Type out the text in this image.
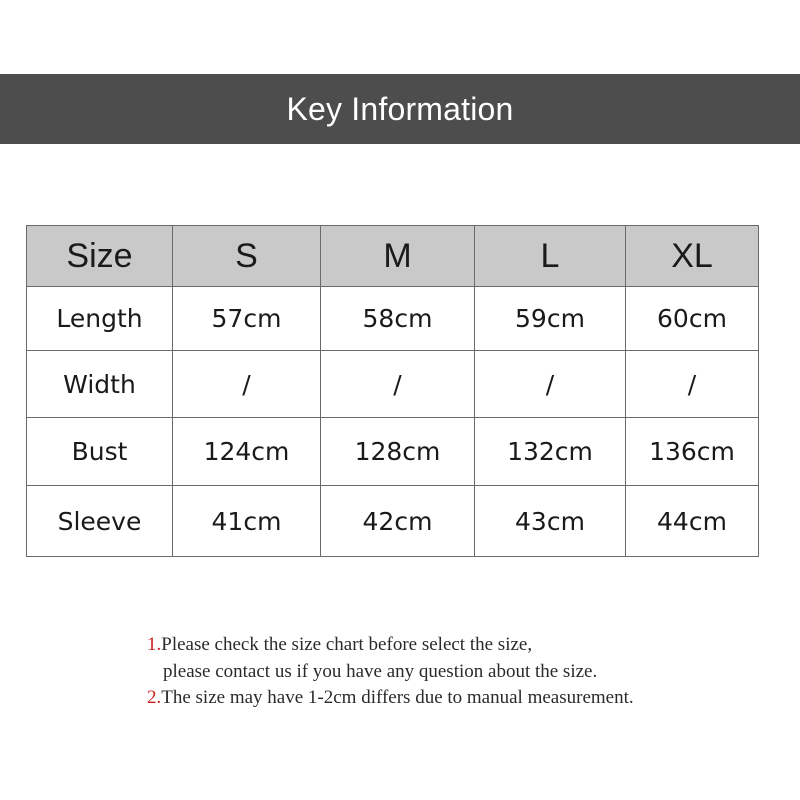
Key Information
Size	S	M	L	XL
Length	57cm	58cm	59cm	60cm
Width	/	/	/	/
Bust	124cm	128cm	132cm	136cm
Sleeve	41cm	42cm	43cm	44cm
1.Please check the size chart before select the size,
please contact us if you have any question about the size.
2.The size may have 1-2cm differs due to manual measurement.
